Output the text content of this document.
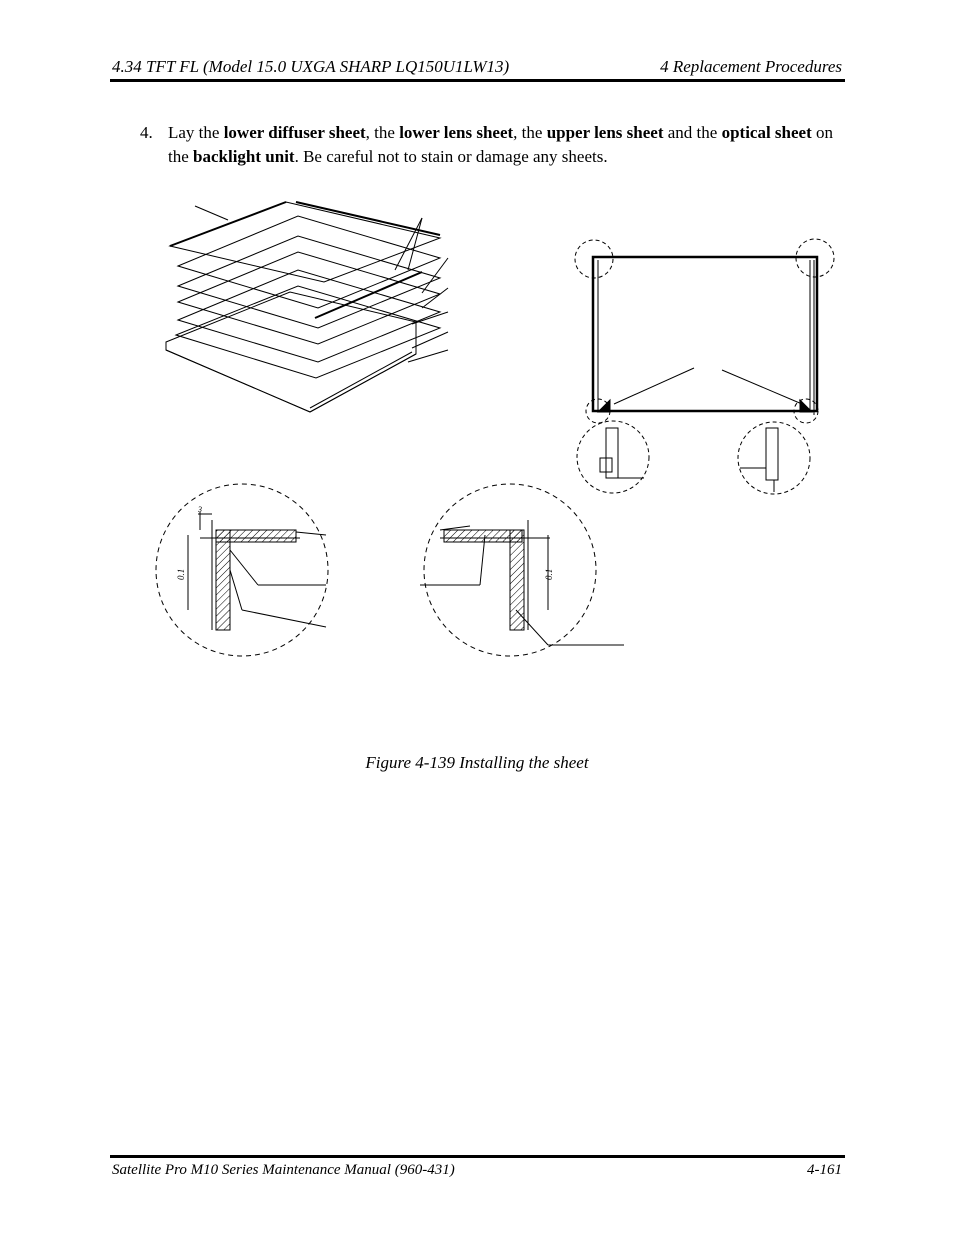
4.34 TFT FL (Model 15.0 UXGA SHARP LQ150U1LW13)	4 Replacement Procedures
4. Lay the lower diffuser sheet, the lower lens sheet, the upper lens sheet and the optical sheet on the backlight unit. Be careful not to stain or damage any sheets.
3
0.1	0.1
Figure 4-139 Installing the sheet
Satellite Pro M10 Series Maintenance Manual (960-431)	4-161
